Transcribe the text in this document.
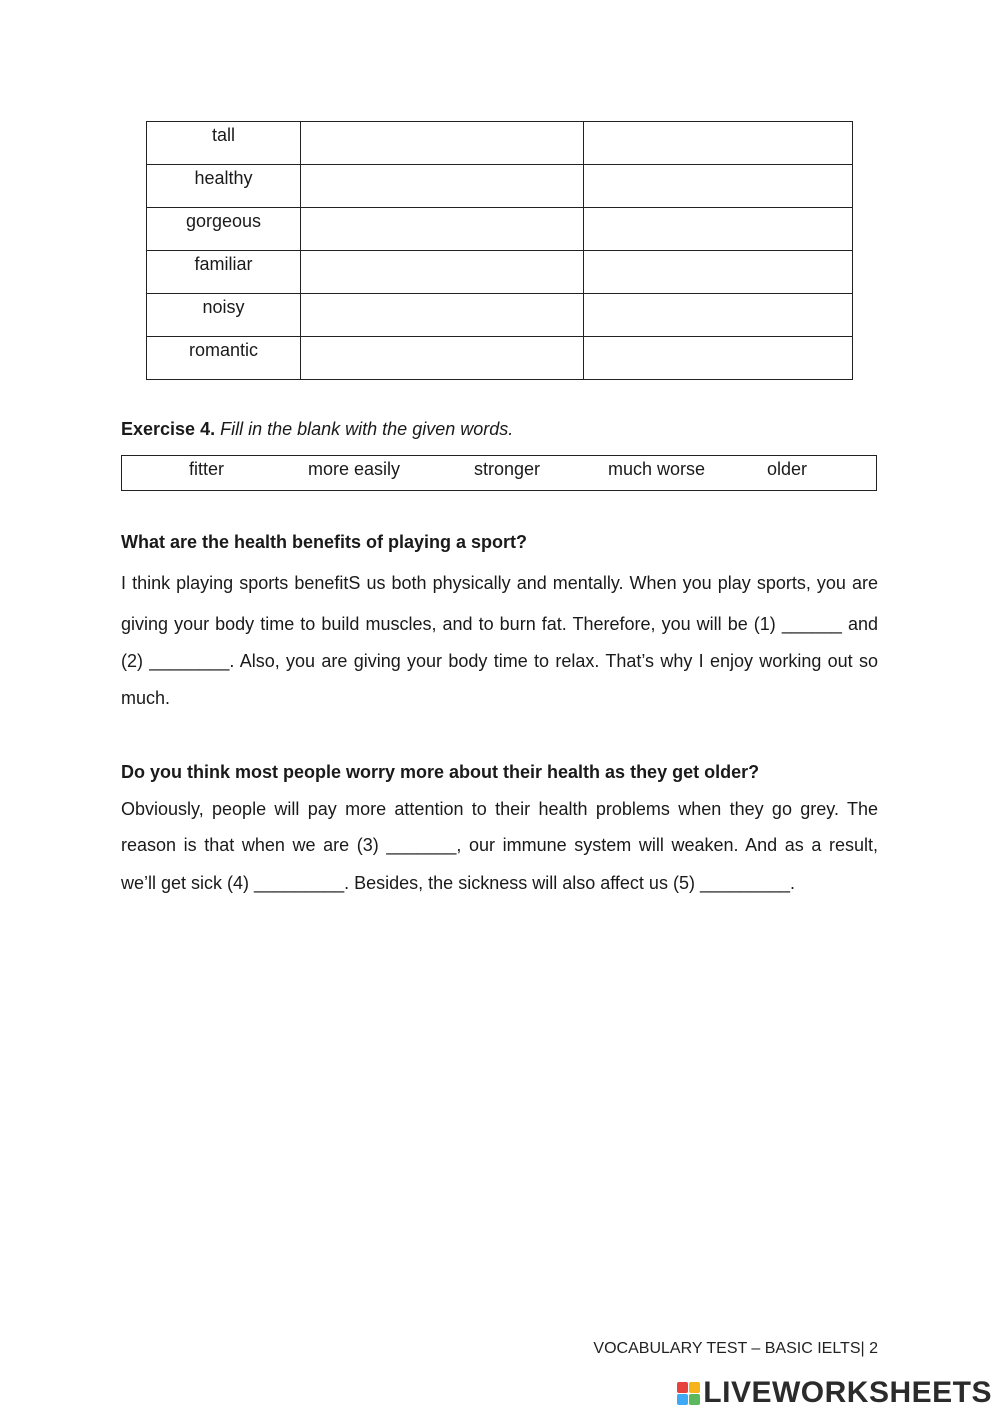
tall		

healthy		

gorgeous		

familiar		

noisy		

romantic		

Exercise 4. Fill in the blank with the given words.
fitter	more easily	stronger	much worse	older
What are the health benefits of playing a sport?
I think playing sports benefitS us both physically and mentally. When you play sports, you are
giving your body time to build muscles, and to burn fat. Therefore, you will be (1) ______ and
(2) ________. Also, you are giving your body time to relax. That’s why I enjoy working out so
much.
Do you think most people worry more about their health as they get older?
Obviously, people will pay more attention to their health problems when they go grey. The
reason is that when we are (3) _______, our immune system will weaken. And as a result,
we’ll get sick (4) _________. Besides, the sickness will also affect us (5) _________.
VOCABULARY TEST – BASIC IELTS| 2
LIVEWORKSHEETS
